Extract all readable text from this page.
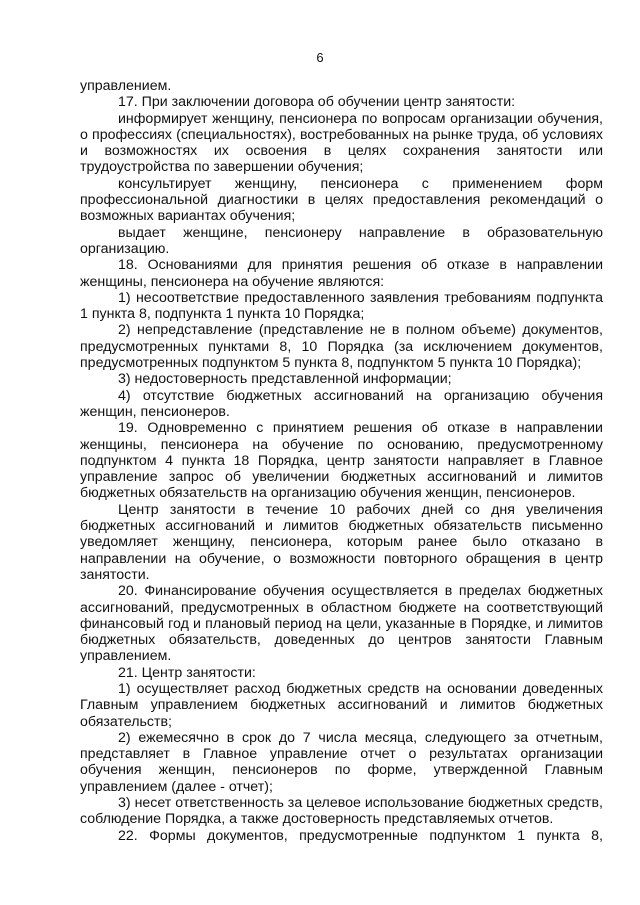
6

управлением.

17. При заключении договора об обучении центр занятости:

информирует женщину, пенсионера по вопросам организации обучения, о профессиях (специальностях), востребованных на рынке труда, об условиях и возможностях их освоения в целях сохранения занятости или трудоустройства по завершении обучения;

консультирует женщину, пенсионера с применением форм профессиональной диагностики в целях предоставления рекомендаций о возможных вариантах обучения;

выдает женщине, пенсионеру направление в образовательную организацию.

18. Основаниями для принятия решения об отказе в направлении женщины, пенсионера на обучение являются:

1) несоответствие предоставленного заявления требованиям подпункта 1 пункта 8, подпункта 1 пункта 10 Порядка;

2) непредставление (представление не в полном объеме) документов, предусмотренных пунктами 8, 10 Порядка (за исключением документов, предусмотренных подпунктом 5 пункта 8, подпунктом 5 пункта 10 Порядка);

3) недостоверность представленной информации;

4) отсутствие бюджетных ассигнований на организацию обучения женщин, пенсионеров.

19. Одновременно с принятием решения об отказе в направлении женщины, пенсионера на обучение по основанию, предусмотренному подпунктом 4 пункта 18 Порядка, центр занятости направляет в Главное управление запрос об увеличении бюджетных ассигнований и лимитов бюджетных обязательств на организацию обучения женщин, пенсионеров.

Центр занятости в течение 10 рабочих дней со дня увеличения бюджетных ассигнований и лимитов бюджетных обязательств письменно уведомляет женщину, пенсионера, которым ранее было отказано в направлении на обучение, о возможности повторного обращения в центр занятости.

20. Финансирование обучения осуществляется в пределах бюджетных ассигнований, предусмотренных в областном бюджете на соответствующий финансовый год и плановый период на цели, указанные в Порядке, и лимитов бюджетных обязательств, доведенных до центров занятости Главным управлением.

21. Центр занятости:

1) осуществляет расход бюджетных средств на основании доведенных Главным управлением бюджетных ассигнований и лимитов бюджетных обязательств;

2) ежемесячно в срок до 7 числа месяца, следующего за отчетным, представляет в Главное управление отчет о результатах организации обучения женщин, пенсионеров по форме, утвержденной Главным управлением (далее - отчет);

3) несет ответственность за целевое использование бюджетных средств, соблюдение Порядка, а также достоверность представляемых отчетов.

22. Формы документов, предусмотренные подпунктом 1 пункта 8,
